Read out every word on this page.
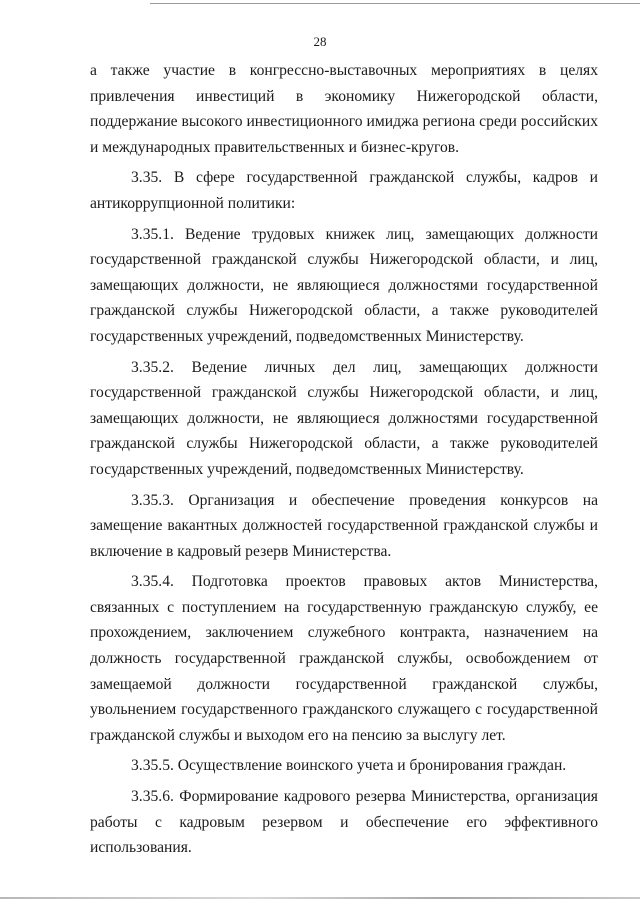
28

а также участие в конгрессно-выставочных мероприятиях в целях привлечения инвестиций в экономику Нижегородской области, поддержание высокого инвестиционного имиджа региона среди российских и международных правительственных и бизнес-кругов.

3.35. В сфере государственной гражданской службы, кадров и антикоррупционной политики:

3.35.1. Ведение трудовых книжек лиц, замещающих должности государственной гражданской службы Нижегородской области, и лиц, замещающих должности, не являющиеся должностями государственной гражданской службы Нижегородской области, а также руководителей государственных учреждений, подведомственных Министерству.

3.35.2. Ведение личных дел лиц, замещающих должности государственной гражданской службы Нижегородской области, и лиц, замещающих должности, не являющиеся должностями государственной гражданской службы Нижегородской области, а также руководителей государственных учреждений, подведомственных Министерству.

3.35.3. Организация и обеспечение проведения конкурсов на замещение вакантных должностей государственной гражданской службы и включение в кадровый резерв Министерства.

3.35.4. Подготовка проектов правовых актов Министерства, связанных с поступлением на государственную гражданскую службу, ее прохождением, заключением служебного контракта, назначением на должность государственной гражданской службы, освобождением от замещаемой должности государственной гражданской службы, увольнением государственного гражданского служащего с государственной гражданской службы и выходом его на пенсию за выслугу лет.

3.35.5. Осуществление воинского учета и бронирования граждан.

3.35.6. Формирование кадрового резерва Министерства, организация работы с кадровым резервом и обеспечение его эффективного использования.
